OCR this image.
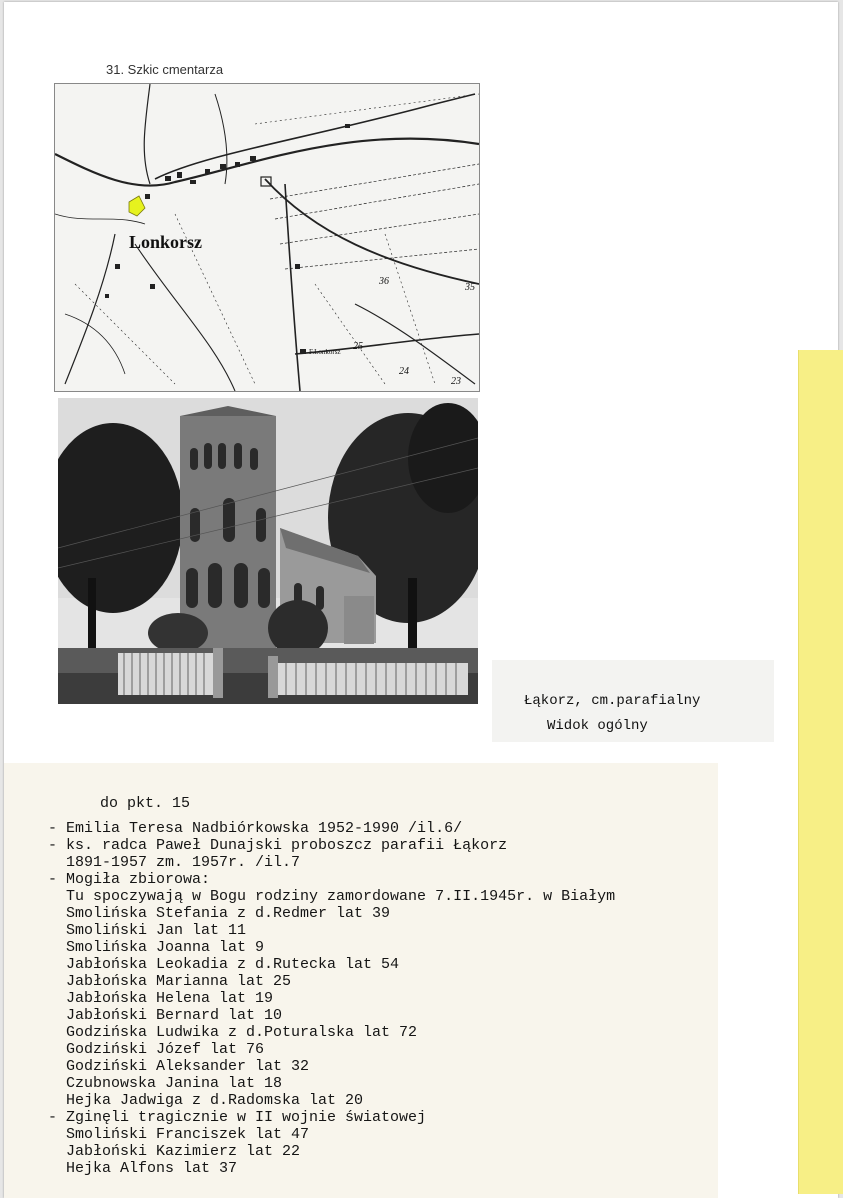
31. Szkic cmentarza
Lonkorsz
35
25
24
23
36
F.Lonkorsz
Łąkorz, cm.parafialny
Widok ogólny
do pkt. 15
- Emilia Teresa Nadbiórkowska 1952-1990 /il.6/
- ks. radca Paweł Dunajski proboszcz parafii Łąkorz
1891-1957 zm. 1957r. /il.7
- Mogiła zbiorowa:
Tu spoczywają w Bogu rodziny zamordowane 7.II.1945r. w Białym
Smolińska Stefania z d.Redmer lat 39
Smoliński Jan lat 11
Smolińska Joanna lat 9
Jabłońska Leokadia z d.Rutecka lat 54
Jabłońska Marianna lat 25
Jabłońska Helena lat 19
Jabłoński Bernard lat 10
Godzińska Ludwika z d.Poturalska lat 72
Godziński Józef lat 76
Godziński Aleksander lat 32
Czubnowska Janina lat 18
Hejka Jadwiga z d.Radomska lat 20
- Zginęli tragicznie w II wojnie światowej
Smoliński Franciszek lat 47
Jabłoński Kazimierz lat 22
Hejka Alfons lat 37
